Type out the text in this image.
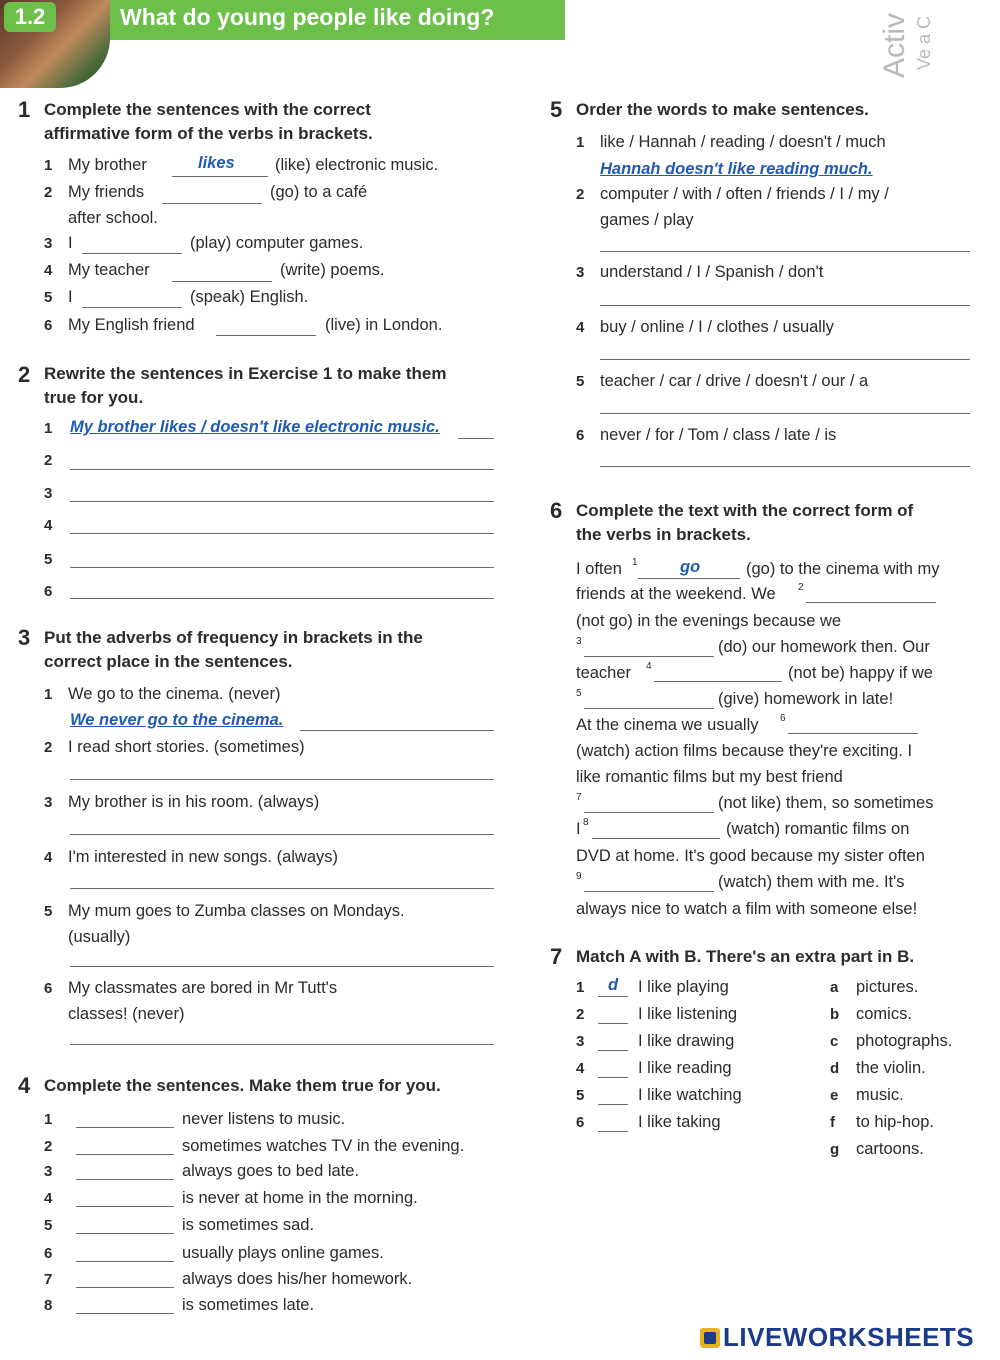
1.2	What do young people like doing?	Activ Ve a C
1 Complete the sentences with the correct
affirmative form of the verbs in brackets.
1 My brother	likes (like) electronic music.
2 My friends	(go) to a café
after school.
3 I	(play) computer games.
4 My teacher	(write) poems.
5 I	(speak) English.
6 My English friend	(live) in London.
2 Rewrite the sentences in Exercise 1 to make them
true for you.
1 My brother likes / doesn't like electronic music.
2
3
4
5
6
3 Put the adverbs of frequency in brackets in the
correct place in the sentences.
1 We go to the cinema. (never)
We never go to the cinema.
2 I read short stories. (sometimes)
3 My brother is in his room. (always)
4 I'm interested in new songs. (always)
5 My mum goes to Zumba classes on Mondays.
(usually)
6 My classmates are bored in Mr Tutt's
classes! (never)
4 Complete the sentences. Make them true for you.
1	never listens to music.
2	sometimes watches TV in the evening.
3	always goes to bed late.
4	is never at home in the morning.
5	is sometimes sad.
6	usually plays online games.
7	always does his/her homework.
8	is sometimes late.
5 Order the words to make sentences.
1 like / Hannah / reading / doesn't / much
Hannah doesn't like reading much.
2 computer / with / often / friends / I / my /
games / play
3 understand / I / Spanish / don't
4 buy / online / I / clothes / usually
5 teacher / car / drive / doesn't / our / a
6 never / for / Tom / class / late / is
6 Complete the text with the correct form of
the verbs in brackets.
I often 1	go	(go) to the cinema with my
friends at the weekend. We 2
(not go) in the evenings because we
3	(do) our homework then. Our
teacher 4	(not be) happy if we
5	(give) homework in late!
At the cinema we usually 6
(watch) action films because they're exciting. I
like romantic films but my best friend
7	(not like) them, so sometimes
I 8	(watch) romantic films on
DVD at home. It's good because my sister often
9	(watch) them with me. It's
always nice to watch a film with someone else!
7 Match A with B. There's an extra part in B.
1 d I like playing
2	I like listening
3	I like drawing
4	I like reading
5	I like watching
6	I like taking
a pictures.
b comics.
c photographs.
d the violin.
e music.
f to hip-hop.
g cartoons.
LIVEWORKSHEETS
